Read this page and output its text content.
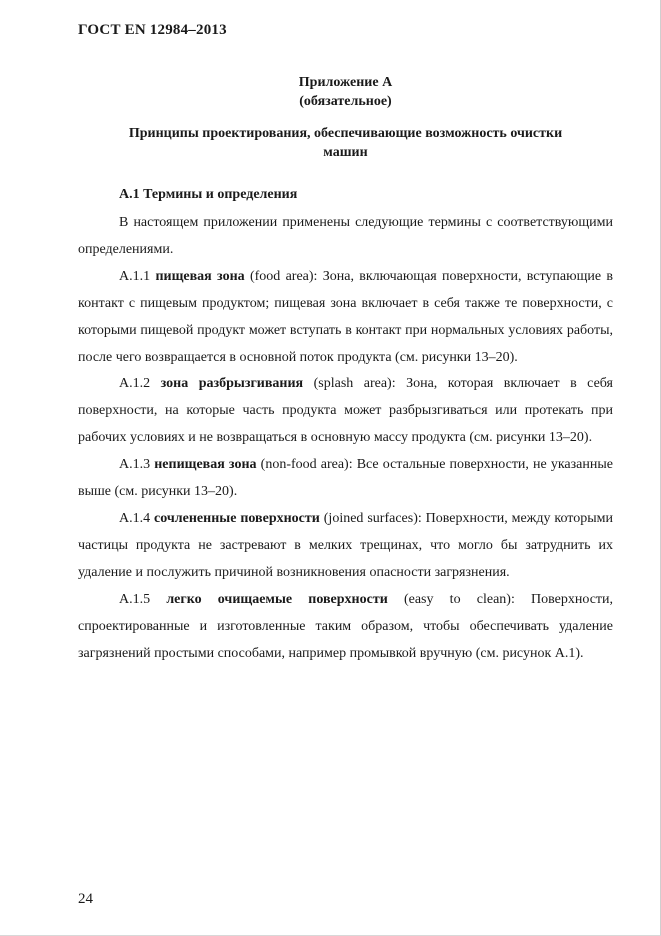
ГОСТ EN 12984–2013
Приложение А
(обязательное)
Принципы проектирования, обеспечивающие возможность очистки
машин
А.1 Термины и определения

В настоящем приложении применены следующие термины с соответствующими определениями.

А.1.1 пищевая зона (food area): Зона, включающая поверхности, вступающие в контакт с пищевым продуктом; пищевая зона включает в себя также те поверхности, с которыми пищевой продукт может вступать в контакт при нормальных условиях работы, после чего возвращается в основной поток продукта (см. рисунки 13–20).

А.1.2 зона разбрызгивания (splash area): Зона, которая включает в себя поверхности, на которые часть продукта может разбрызгиваться или протекать при рабочих условиях и не возвращаться в основную массу продукта (см. рисунки 13–20).

А.1.3 непищевая зона (non-food area): Все остальные поверхности, не указанные выше (см. рисунки 13–20).

А.1.4 сочлененные поверхности (joined surfaces): Поверхности, между которыми частицы продукта не застревают в мелких трещинах, что могло бы затруднить их удаление и послужить причиной возникновения опасности загрязнения.

А.1.5 легко очищаемые поверхности (easy to clean): Поверхности, спроектированные и изготовленные таким образом, чтобы обеспечивать удаление загрязнений простыми способами, например промывкой вручную (см. рисунок А.1).

24
